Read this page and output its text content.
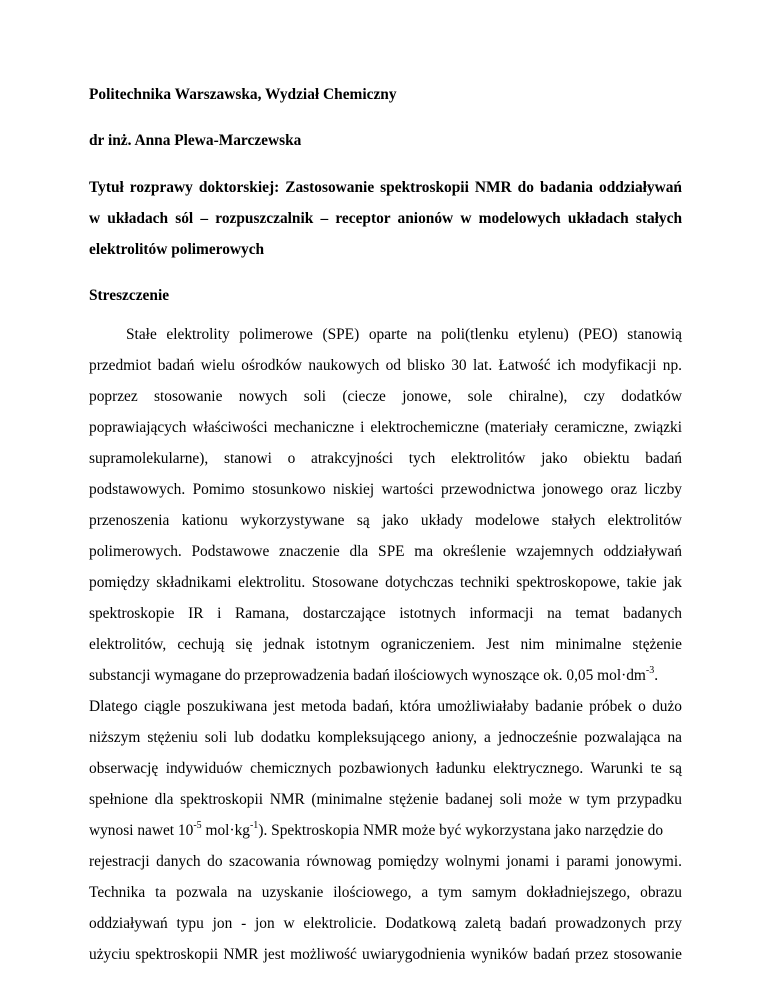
Politechnika Warszawska, Wydział Chemiczny
dr inż. Anna Plewa-Marczewska
Tytuł rozprawy doktorskiej: Zastosowanie spektroskopii NMR do badania oddziaływań
w układach sól – rozpuszczalnik – receptor anionów w modelowych układach stałych
elektrolitów polimerowych
Streszczenie
Stałe elektrolity polimerowe (SPE) oparte na poli(tlenku etylenu) (PEO) stanowią
przedmiot badań wielu ośrodków naukowych od blisko 30 lat. Łatwość ich modyfikacji np.
poprzez stosowanie nowych soli (ciecze jonowe, sole chiralne), czy dodatków
poprawiających właściwości mechaniczne i elektrochemiczne (materiały ceramiczne, związki
supramolekularne), stanowi o atrakcyjności tych elektrolitów jako obiektu badań
podstawowych. Pomimo stosunkowo niskiej wartości przewodnictwa jonowego oraz liczby
przenoszenia kationu wykorzystywane są jako układy modelowe stałych elektrolitów
polimerowych. Podstawowe znaczenie dla SPE ma określenie wzajemnych oddziaływań
pomiędzy składnikami elektrolitu. Stosowane dotychczas techniki spektroskopowe, takie jak
spektroskopie IR i Ramana, dostarczające istotnych informacji na temat badanych
elektrolitów, cechują się jednak istotnym ograniczeniem. Jest nim minimalne stężenie
substancji wymagane do przeprowadzenia badań ilościowych wynoszące ok. 0,05 $mol\cdot dm^{-3}$.
Dlatego ciągle poszukiwana jest metoda badań, która umożliwiałaby badanie próbek o dużo
niższym stężeniu soli lub dodatku kompleksującego aniony, a jednocześnie pozwalająca na
obserwację indywiduów chemicznych pozbawionych ładunku elektrycznego. Warunki te są
spełnione dla spektroskopii NMR (minimalne stężenie badanej soli może w tym przypadku
wynosi nawet $10^{-5}$ $mol\cdot kg^{-1}$). Spektroskopia NMR może być wykorzystana jako narzędzie do
rejestracji danych do szacowania równowag pomiędzy wolnymi jonami i parami jonowymi.
Technika ta pozwala na uzyskanie ilościowego, a tym samym dokładniejszego, obrazu
oddziaływań typu jon - jon w elektrolicie. Dodatkową zaletą badań prowadzonych przy
użyciu spektroskopii NMR jest możliwość uwiarygodnienia wyników badań przez stosowanie
